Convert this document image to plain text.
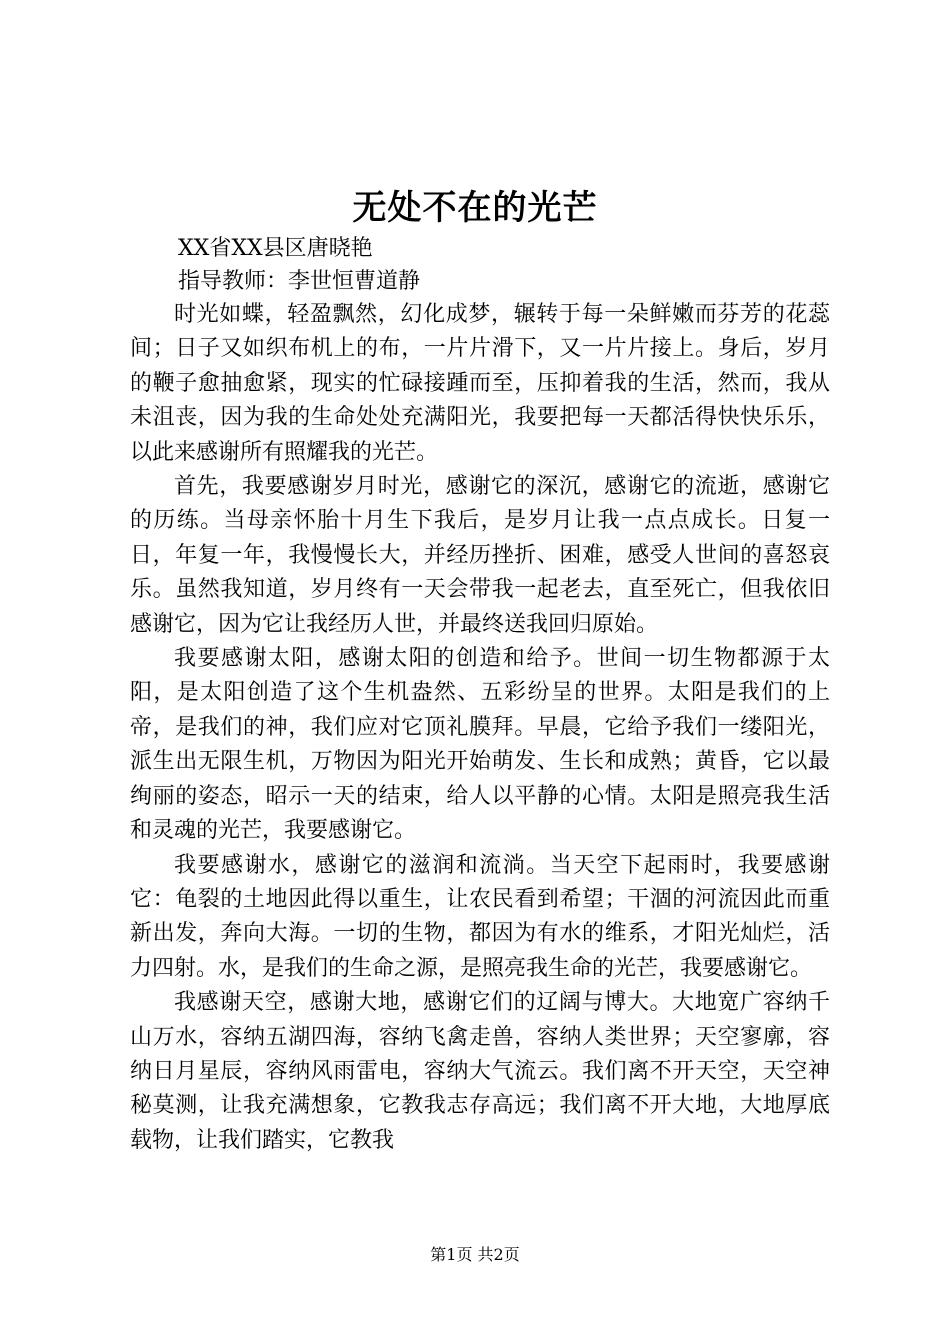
无处不在的光芒
XX省XX县区唐晓艳
指导教师：李世恒曹道静

时光如蝶，轻盈飘然，幻化成梦，辗转于每一朵鲜嫩而芬芳的花蕊间；日子又如织布机上的布，一片片滑下，又一片片接上。身后，岁月的鞭子愈抽愈紧，现实的忙碌接踵而至，压抑着我的生活，然而，我从未沮丧，因为我的生命处处充满阳光，我要把每一天都活得快快乐乐，以此来感谢所有照耀我的光芒。

首先，我要感谢岁月时光，感谢它的深沉，感谢它的流逝，感谢它的历练。当母亲怀胎十月生下我后，是岁月让我一点点成长。日复一日，年复一年，我慢慢长大，并经历挫折、困难，感受人世间的喜怒哀乐。虽然我知道，岁月终有一天会带我一起老去，直至死亡，但我依旧感谢它，因为它让我经历人世，并最终送我回归原始。

我要感谢太阳，感谢太阳的创造和给予。世间一切生物都源于太阳，是太阳创造了这个生机盎然、五彩纷呈的世界。太阳是我们的上帝，是我们的神，我们应对它顶礼膜拜。早晨，它给予我们一缕阳光，派生出无限生机，万物因为阳光开始萌发、生长和成熟；黄昏，它以最绚丽的姿态，昭示一天的结束，给人以平静的心情。太阳是照亮我生活和灵魂的光芒，我要感谢它。

我要感谢水，感谢它的滋润和流淌。当天空下起雨时，我要感谢它：龟裂的土地因此得以重生，让农民看到希望；干涸的河流因此而重新出发，奔向大海。一切的生物，都因为有水的维系，才阳光灿烂，活力四射。水，是我们的生命之源，是照亮我生命的光芒，我要感谢它。

我感谢天空，感谢大地，感谢它们的辽阔与博大。大地宽广容纳千山万水，容纳五湖四海，容纳飞禽走兽，容纳人类世界；天空寥廓，容纳日月星辰，容纳风雨雷电，容纳大气流云。我们离不开天空，天空神秘莫测，让我充满想象，它教我志存高远；我们离不开大地，大地厚底载物，让我们踏实，它教我

第1页 共2页
